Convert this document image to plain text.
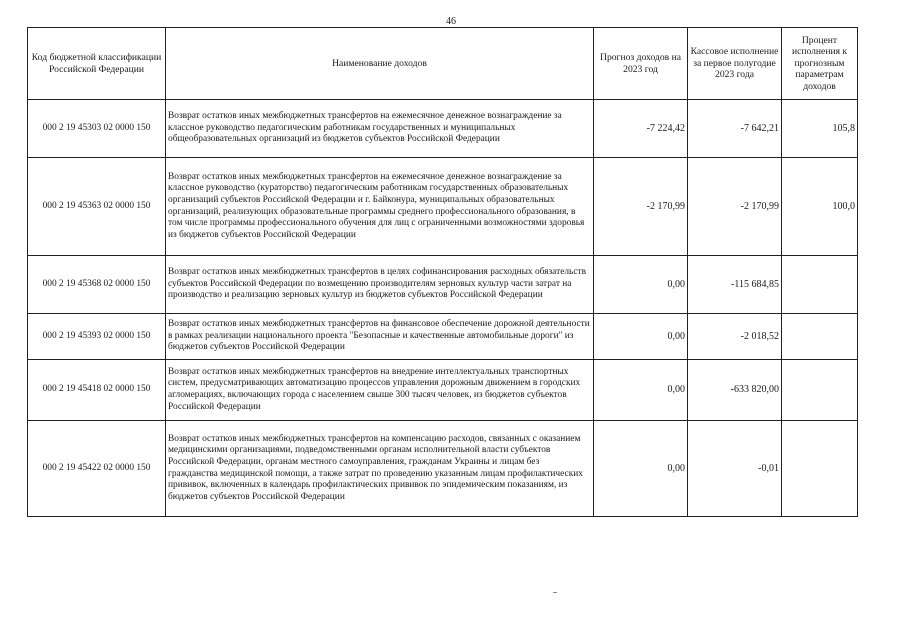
46
Код бюджетной классификации Российской Федерации	Наименование доходов	Прогноз доходов на 2023 год	Кассовое исполнение за первое полугодие 2023 года	Процент исполнения к прогнозным параметрам доходов
000 2 19 45303 02 0000 150	Возврат остатков иных межбюджетных трансфертов на ежемесячное денежное вознаграждение за классное руководство педагогическим работникам государственных и муниципальных общеобразовательных организаций из бюджетов субъектов Российской Федерации	-7 224,42	-7 642,21	105,8
000 2 19 45363 02 0000 150	Возврат остатков иных межбюджетных трансфертов на ежемесячное денежное вознаграждение за классное руководство (кураторство) педагогическим работникам государственных образовательных организаций субъектов Российской Федерации и г. Байконура, муниципальных образовательных организаций, реализующих образовательные программы среднего профессионального образования, в том числе программы профессионального обучения для лиц с ограниченными возможностями здоровья из бюджетов субъектов Российской Федерации	-2 170,99	-2 170,99	100,0
000 2 19 45368 02 0000 150	Возврат остатков иных межбюджетных трансфертов в целях софинансирования расходных обязательств субъектов Российской Федерации по возмещению производителям зерновых культур части затрат на производство и реализацию зерновых культур из бюджетов субъектов Российской Федерации	0,00	-115 684,85	
000 2 19 45393 02 0000 150	Возврат остатков иных межбюджетных трансфертов на финансовое обеспечение дорожной деятельности в рамках реализации национального проекта "Безопасные и качественные автомобильные дороги" из бюджетов субъектов Российской Федерации	0,00	-2 018,52	
000 2 19 45418 02 0000 150	Возврат остатков иных межбюджетных трансфертов на внедрение интеллектуальных транспортных систем, предусматривающих автоматизацию процессов управления дорожным движением в городских агломерациях, включающих города с населением свыше 300 тысяч человек, из бюджетов субъектов Российской Федерации	0,00	-633 820,00	
000 2 19 45422 02 0000 150	Возврат остатков иных межбюджетных трансфертов на компенсацию расходов, связанных с оказанием медицинскими организациями, подведомственными органам исполнительной власти субъектов Российской Федерации, органам местного самоуправления, гражданам Украины и лицам без гражданства медицинской помощи, а также затрат по проведению указанным лицам профилактических прививок, включенных в календарь профилактических прививок по эпидемическим показаниям, из бюджетов субъектов Российской Федерации	0,00	-0,01	
